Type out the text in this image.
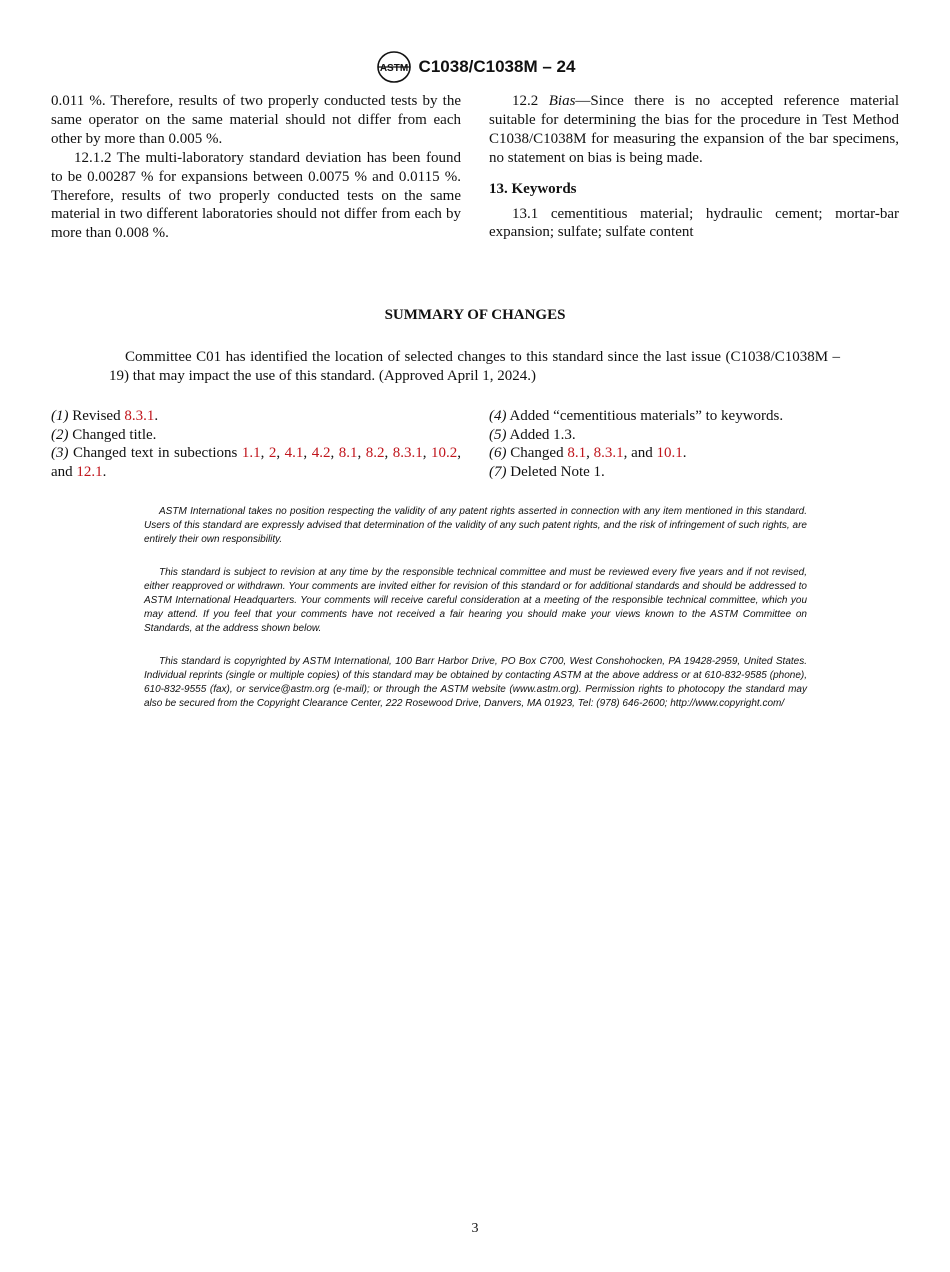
ASTM C1038/C1038M – 24

0.011 %. Therefore, results of two properly conducted tests by the same operator on the same material should not differ from each other by more than 0.005 %.

12.1.2 The multi-laboratory standard deviation has been found to be 0.00287 % for expansions between 0.0075 % and 0.0115 %. Therefore, results of two properly conducted tests on the same material in two different laboratories should not differ from each by more than 0.008 %.

12.2 Bias—Since there is no accepted reference material suitable for determining the bias for the procedure in Test Method C1038/C1038M for measuring the expansion of the bar specimens, no statement on bias is being made.

13. Keywords

13.1 cementitious material; hydraulic cement; mortar-bar expansion; sulfate; sulfate content

SUMMARY OF CHANGES

Committee C01 has identified the location of selected changes to this standard since the last issue (C1038/C1038M – 19) that may impact the use of this standard. (Approved April 1, 2024.)

(1) Revised 8.3.1.
(2) Changed title.
(3) Changed text in subections 1.1, 2, 4.1, 4.2, 8.1, 8.2, 8.3.1, 10.2, and 12.1.
(4) Added “cementitious materials” to keywords.
(5) Added 1.3.
(6) Changed 8.1, 8.3.1, and 10.1.
(7) Deleted Note 1.

ASTM International takes no position respecting the validity of any patent rights asserted in connection with any item mentioned in this standard. Users of this standard are expressly advised that determination of the validity of any such patent rights, and the risk of infringement of such rights, are entirely their own responsibility.

This standard is subject to revision at any time by the responsible technical committee and must be reviewed every five years and if not revised, either reapproved or withdrawn. Your comments are invited either for revision of this standard or for additional standards and should be addressed to ASTM International Headquarters. Your comments will receive careful consideration at a meeting of the responsible technical committee, which you may attend. If you feel that your comments have not received a fair hearing you should make your views known to the ASTM Committee on Standards, at the address shown below.

This standard is copyrighted by ASTM International, 100 Barr Harbor Drive, PO Box C700, West Conshohocken, PA 19428-2959, United States. Individual reprints (single or multiple copies) of this standard may be obtained by contacting ASTM at the above address or at 610-832-9585 (phone), 610-832-9555 (fax), or service@astm.org (e-mail); or through the ASTM website (www.astm.org). Permission rights to photocopy the standard may also be secured from the Copyright Clearance Center, 222 Rosewood Drive, Danvers, MA 01923, Tel: (978) 646-2600; http://www.copyright.com/

3
